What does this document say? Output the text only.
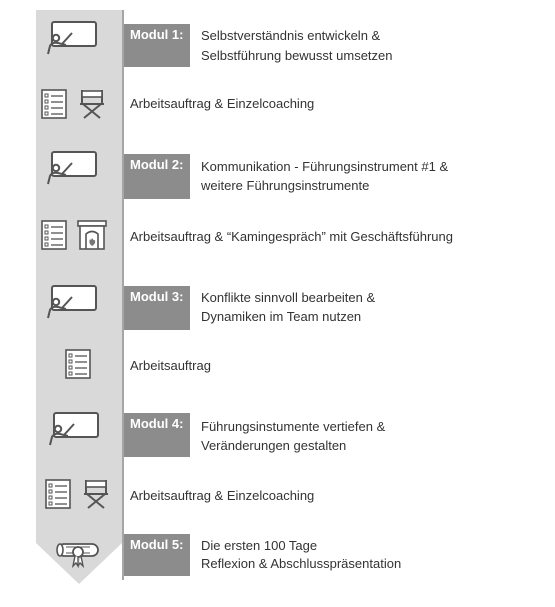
Modul 1:	Selbstverständnis entwickeln &
Selbstführung bewusst umsetzen
Arbeitsauftrag & Einzelcoaching
Modul 2:	Kommunikation - Führungsinstrument #1 &
weitere Führungsinstrumente
Arbeitsauftrag & “Kamingespräch” mit Geschäftsführung
Modul 3:	Konflikte sinnvoll bearbeiten &
Dynamiken im Team nutzen
Arbeitsauftrag
Modul 4:	Führungsinstumente vertiefen &
Veränderungen gestalten
Arbeitsauftrag & Einzelcoaching
Modul 5:	Die ersten 100 Tage
Reflexion & Abschlusspräsentation
